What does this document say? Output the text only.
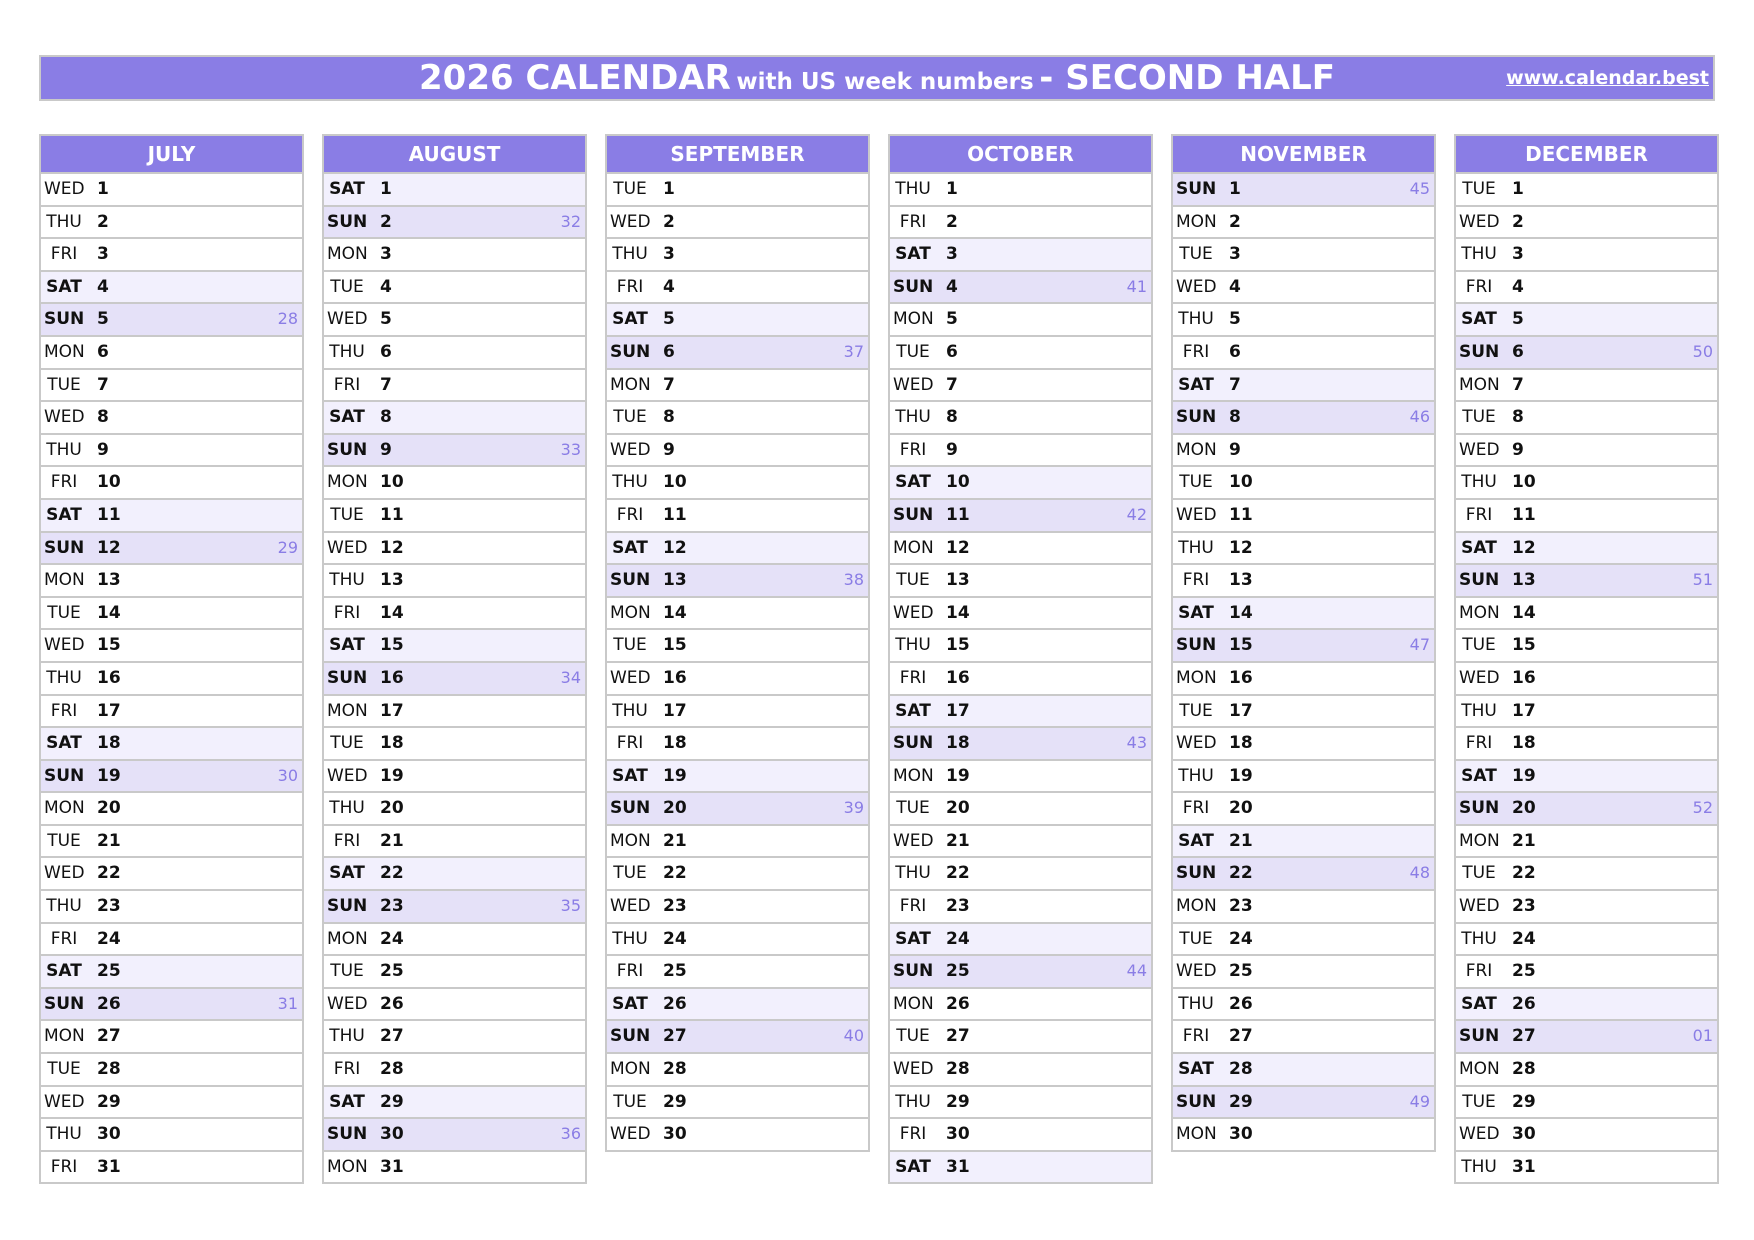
2026 CALENDAR with US week numbers - SECOND HALF	www.calendar.best
JULY
WED 1
THU 2
FRI	3
SAT 4
SUN 5	28
MON 6
TUE 7
WED 8
THU 9
FRI	10
SAT 11
SUN 12	29
MON 13
TUE 14
WED 15
THU 16
FRI	17
SAT 18
SUN 19	30
MON 20
TUE 21
WED 22
THU 23
FRI	24
SAT 25
SUN 26	31
MON 27
TUE 28
WED 29
THU 30
FRI	31
AUGUST
SAT 1
SUN 2	32
MON 3
TUE 4
WED 5
THU 6
FRI	7
SAT 8
SUN 9	33
MON 10
TUE 11
WED 12
THU 13
FRI	14
SAT 15
SUN 16	34
MON 17
TUE 18
WED 19
THU 20
FRI	21
SAT 22
SUN 23	35
MON 24
TUE 25
WED 26
THU 27
FRI	28
SAT 29
SUN 30	36
MON 31
SEPTEMBER
TUE 1
WED 2
THU 3
FRI	4
SAT 5
SUN 6	37
MON 7
TUE 8
WED 9
THU 10
FRI	11
SAT 12
SUN 13	38
MON 14
TUE 15
WED 16
THU 17
FRI	18
SAT 19
SUN 20	39
MON 21
TUE 22
WED 23
THU 24
FRI	25
SAT 26
SUN 27	40
MON 28
TUE 29
WED 30
OCTOBER
THU 1
FRI	2
SAT 3
SUN 4	41
MON 5
TUE 6
WED 7
THU 8
FRI	9
SAT 10
SUN 11	42
MON 12
TUE 13
WED 14
THU 15
FRI	16
SAT 17
SUN 18	43
MON 19
TUE 20
WED 21
THU 22
FRI	23
SAT 24
SUN 25	44
MON 26
TUE 27
WED 28
THU 29
FRI	30
SAT 31
NOVEMBER
SUN 1	45
MON 2
TUE 3
WED 4
THU 5
FRI	6
SAT 7
SUN 8	46
MON 9
TUE 10
WED 11
THU 12
FRI	13
SAT 14
SUN 15	47
MON 16
TUE 17
WED 18
THU 19
FRI	20
SAT 21
SUN 22	48
MON 23
TUE 24
WED 25
THU 26
FRI	27
SAT 28
SUN 29	49
MON 30
DECEMBER
TUE 1
WED 2
THU 3
FRI	4
SAT 5
SUN 6	50
MON 7
TUE 8
WED 9
THU 10
FRI	11
SAT 12
SUN 13	51
MON 14
TUE 15
WED 16
THU 17
FRI	18
SAT 19
SUN 20	52
MON 21
TUE 22
WED 23
THU 24
FRI	25
SAT 26
SUN 27	01
MON 28
TUE 29
WED 30
THU 31
